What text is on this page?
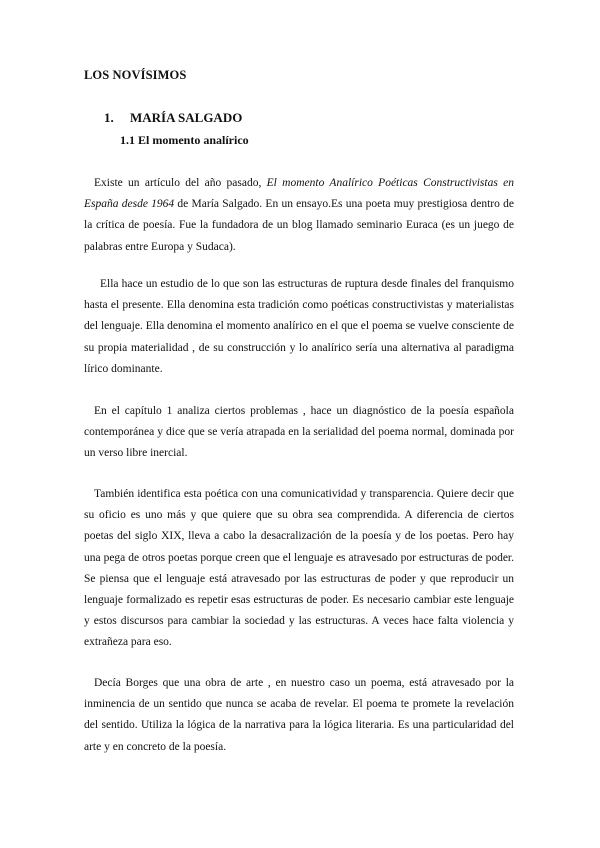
LOS NOVÍSIMOS
1. MARÍA SALGADO
1.1 El momento analírico

Existe un artículo del año pasado, El momento Analírico Poéticas Constructivistas en España desde 1964 de María Salgado. En un ensayo.Es una poeta muy prestigiosa dentro de la crítica de poesía. Fue la fundadora de un blog llamado seminario Euraca (es un juego de palabras entre Europa y Sudaca).

Ella hace un estudio de lo que son las estructuras de ruptura desde finales del franquismo hasta el presente. Ella denomina esta tradición como poéticas constructivistas y materialistas del lenguaje. Ella denomina el momento analírico en el que el poema se vuelve consciente de su propia materialidad , de su construcción y lo analírico sería una alternativa al paradigma lírico dominante.

En el capítulo 1 analiza ciertos problemas , hace un diagnóstico de la poesía española contemporánea y dice que se vería atrapada en la serialidad del poema normal, dominada por un verso libre inercial.

También identifica esta poética con una comunicatividad y transparencia. Quiere decir que su oficio es uno más y que quiere que su obra sea comprendida. A diferencia de ciertos poetas del siglo XIX, lleva a cabo la desacralización de la poesía y de los poetas. Pero hay una pega de otros poetas porque creen que el lenguaje es atravesado por estructuras de poder. Se piensa que el lenguaje está atravesado por las estructuras de poder y que reproducir un lenguaje formalizado es repetir esas estructuras de poder. Es necesario cambiar este lenguaje y estos discursos para cambiar la sociedad y las estructuras. A veces hace falta violencia y extrañeza para eso.

Decía Borges que una obra de arte , en nuestro caso un poema, está atravesado por la inminencia de un sentido que nunca se acaba de revelar. El poema te promete la revelación del sentido. Utiliza la lógica de la narrativa para la lógica literaria. Es una particularidad del arte y en concreto de la poesía.
